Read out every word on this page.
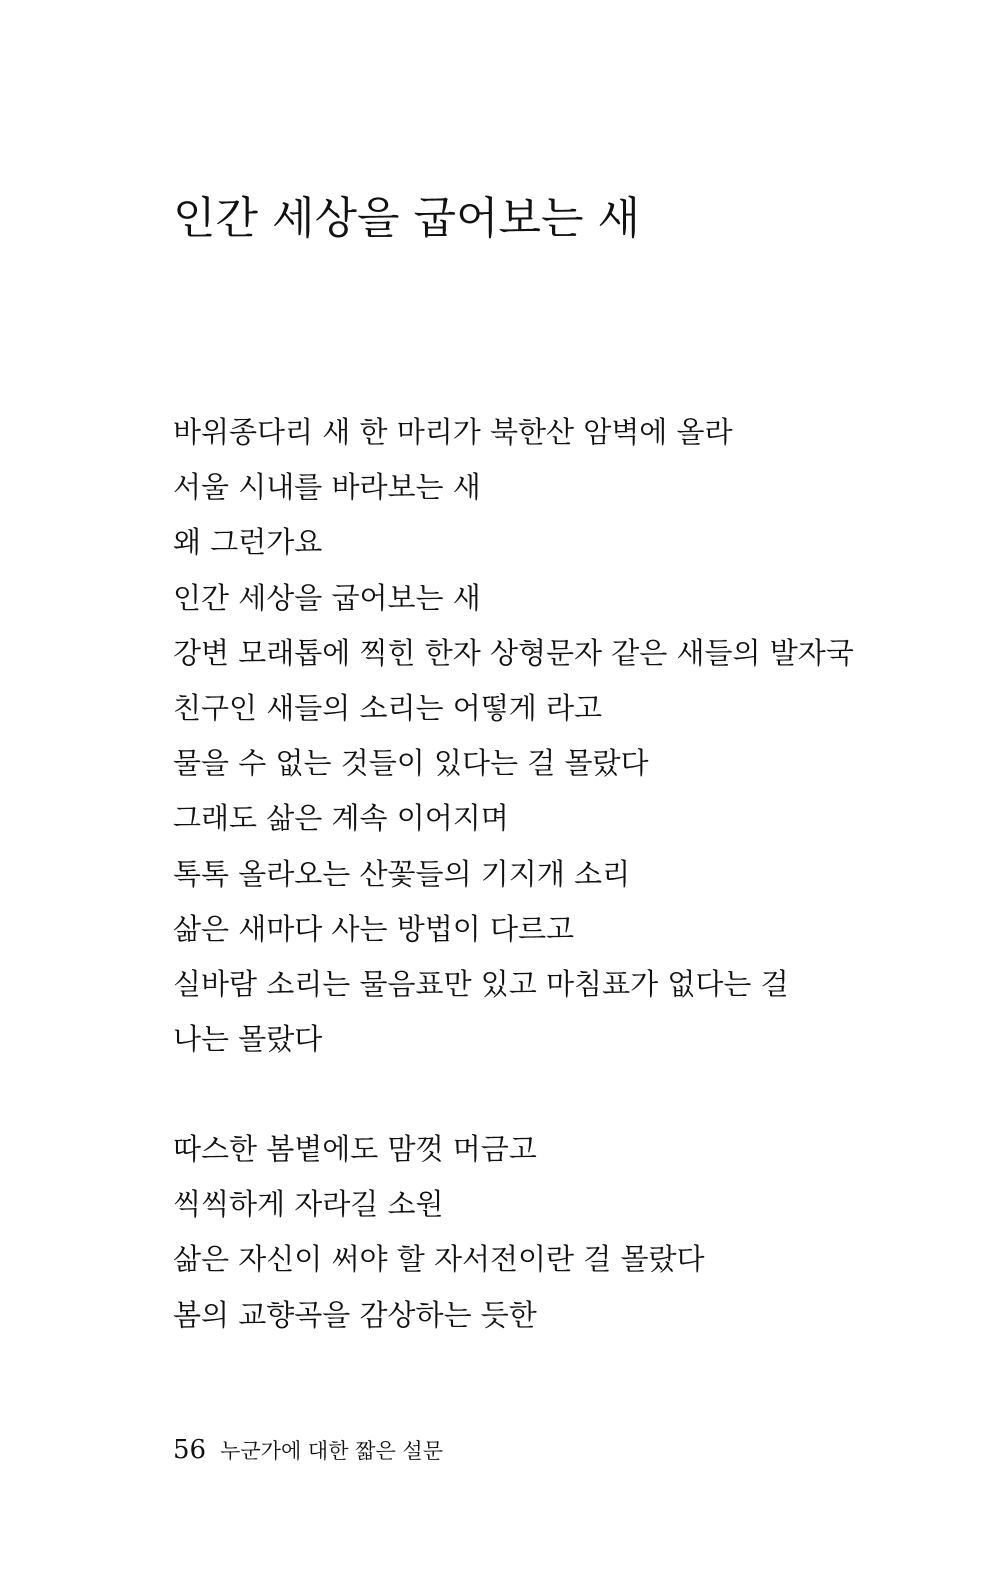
인간 세상을 굽어보는 새
바위종다리 새 한 마리가 북한산 암벽에 올라
서울 시내를 바라보는 새
왜 그런가요
인간 세상을 굽어보는 새
강변 모래톱에 찍힌 한자 상형문자 같은 새들의 발자국
친구인 새들의 소리는 어떻게 라고
물을 수 없는 것들이 있다는 걸 몰랐다
그래도 삶은 계속 이어지며
톡톡 올라오는 산꽃들의 기지개 소리
삶은 새마다 사는 방법이 다르고
실바람 소리는 물음표만 있고 마침표가 없다는 걸
나는 몰랐다
따스한 봄볕에도 맘껏 머금고
씩씩하게 자라길 소원
삶은 자신이 써야 할 자서전이란 걸 몰랐다
봄의 교향곡을 감상하는 듯한
56 누군가에 대한 짧은 설문
